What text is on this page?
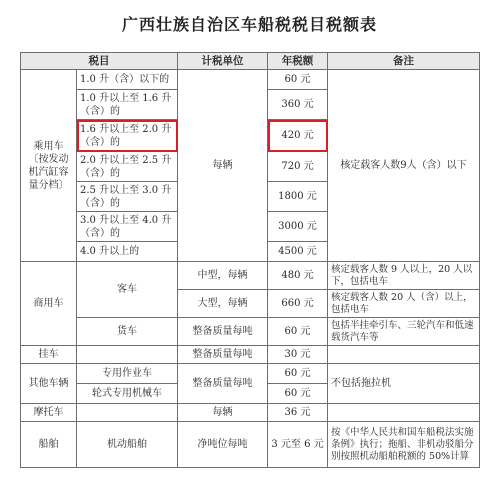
广西壮族自治区车船税税目税额表
税目		计税单位	年税额	备注
乘用车〔按发动机汽缸容量分档〕	1.0 升（含）以下的	每辆	60 元	核定载客人数9人（含）以下
	1.0 升以上至 1.6 升（含）的		360 元	
	1.6 升以上至 2.0 升（含）的		420 元	
	2.0 升以上至 2.5 升（含）的		720 元	
	2.5 升以上至 3.0 升（含）的		1800 元	
	3.0 升以上至 4.0 升（含）的		3000 元	
	4.0 升以上的		4500 元	
商用车	客车	中型，每辆	480 元	核定载客人数 9 人以上，20 人以下，包括电车
		大型，每辆	660 元	核定载客人数 20 人（含）以上，包括电车
	货车	整备质量每吨	60 元	包括半挂牵引车、三轮汽车和低速载货汽车等
挂车		整备质量每吨	30 元	
其他车辆	专用作业车	整备质量每吨	60 元	不包括拖拉机
	轮式专用机械车		60 元	
摩托车		每辆	36 元	
船舶	机动船舶	净吨位每吨	3 元至 6 元	按《中华人民共和国车船税法实施条例》执行；拖船、非机动驳船分别按照机动船舶税额的 50%计算
